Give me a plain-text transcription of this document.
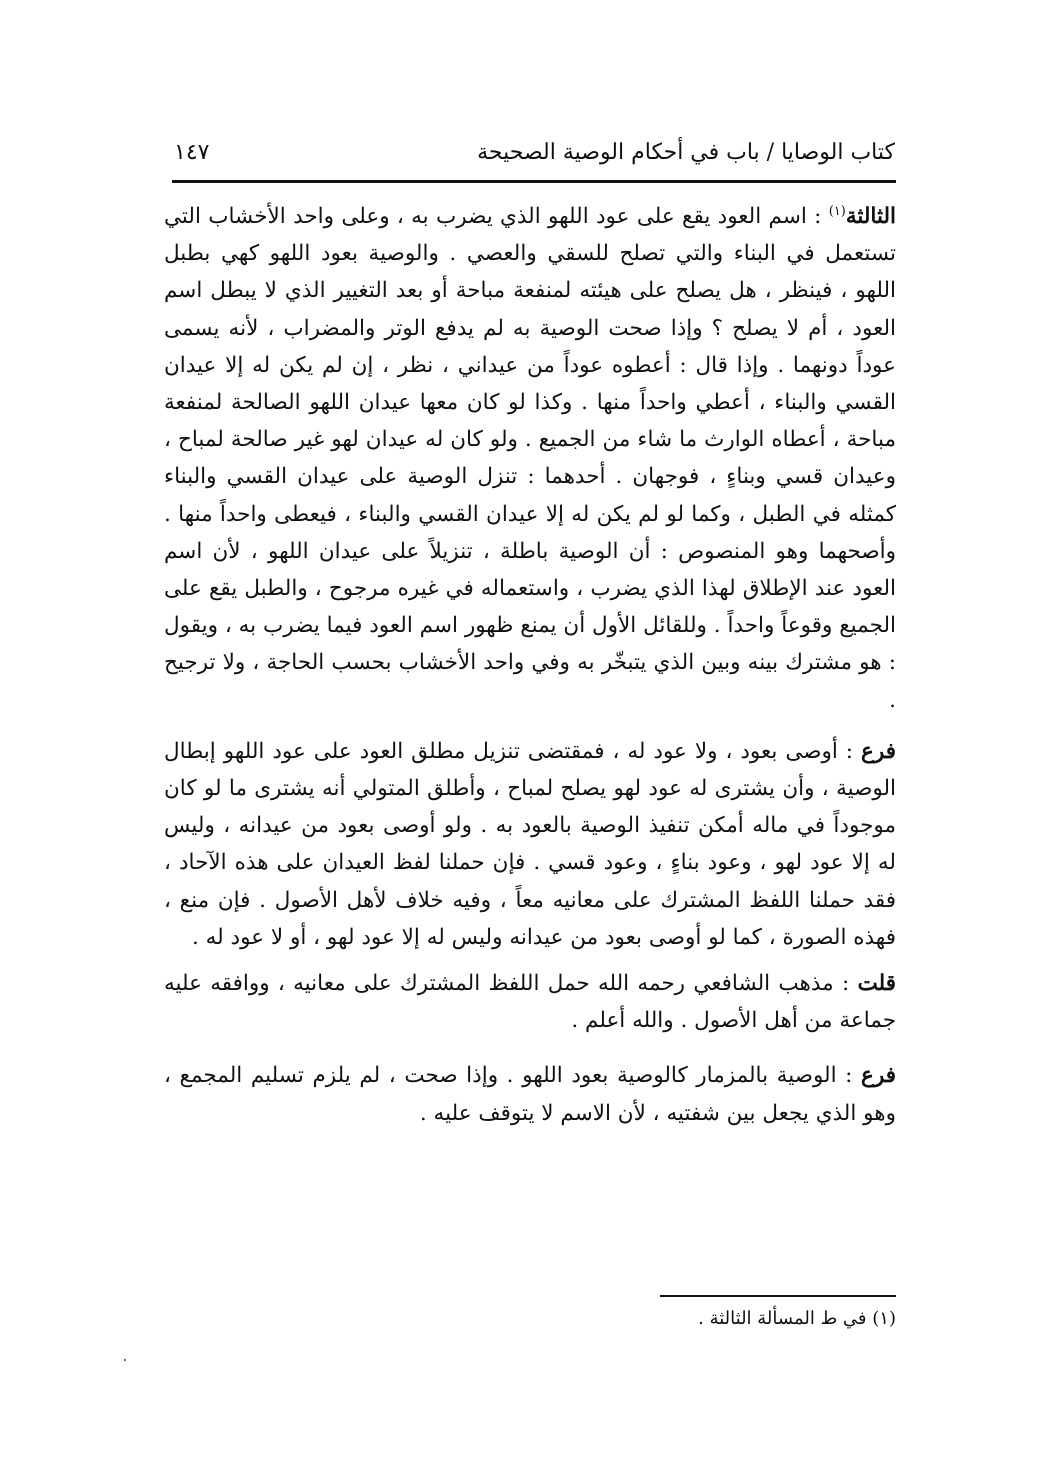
كتاب الوصايا / باب في أحكام الوصية الصحيحة
١٤٧

الثالثة$^{(١)}$ : اسم العود يقع على عود اللهو الذي يضرب به ، وعلى واحد الأخشاب التي تستعمل في البناء والتي تصلح للسقي والعصي . والوصية بعود اللهو كهي بطبل اللهو ، فينظر ، هل يصلح على هيئته لمنفعة مباحة أو بعد التغيير الذي لا يبطل اسم العود ، أم لا يصلح ؟ وإذا صحت الوصية به لم يدفع الوتر والمضراب ، لأنه يسمى عوداً دونهما . وإذا قال : أعطوه عوداً من عيداني ، نظر ، إن لم يكن له إلا عيدان القسي والبناء ، أعطي واحداً منها . وكذا لو كان معها عيدان اللهو الصالحة لمنفعة مباحة ، أعطاه الوارث ما شاء من الجميع . ولو كان له عيدان لهو غير صالحة لمباح ، وعيدان قسي وبناءٍ ، فوجهان . أحدهما : تنزل الوصية على عيدان القسي والبناء كمثله في الطبل ، وكما لو لم يكن له إلا عيدان القسي والبناء ، فيعطى واحداً منها . وأصحهما وهو المنصوص : أن الوصية باطلة ، تنزيلاً على عيدان اللهو ، لأن اسم العود عند الإطلاق لهذا الذي يضرب ، واستعماله في غيره مرجوح ، والطبل يقع على الجميع وقوعاً واحداً . وللقائل الأول أن يمنع ظهور اسم العود فيما يضرب به ، ويقول : هو مشترك بينه وبين الذي يتبخّر به وفي واحد الأخشاب بحسب الحاجة ، ولا ترجيح .

فرع : أوصى بعود ، ولا عود له ، فمقتضى تنزيل مطلق العود على عود اللهو إبطال الوصية ، وأن يشترى له عود لهو يصلح لمباح ، وأطلق المتولي أنه يشترى ما لو كان موجوداً في ماله أمكن تنفيذ الوصية بالعود به . ولو أوصى بعود من عيدانه ، وليس له إلا عود لهو ، وعود بناءٍ ، وعود قسي . فإن حملنا لفظ العيدان على هذه الآحاد ، فقد حملنا اللفظ المشترك على معانيه معاً ، وفيه خلاف لأهل الأصول . فإن منع ، فهذه الصورة ، كما لو أوصى بعود من عيدانه وليس له إلا عود لهو ، أو لا عود له .

قلت : مذهب الشافعي رحمه الله حمل اللفظ المشترك على معانيه ، ووافقه عليه جماعة من أهل الأصول . والله أعلم .

فرع : الوصية بالمزمار كالوصية بعود اللهو . وإذا صحت ، لم يلزم تسليم المجمع ، وهو الذي يجعل بين شفتيه ، لأن الاسم لا يتوقف عليه .

(١) في ط المسألة الثالثة .
